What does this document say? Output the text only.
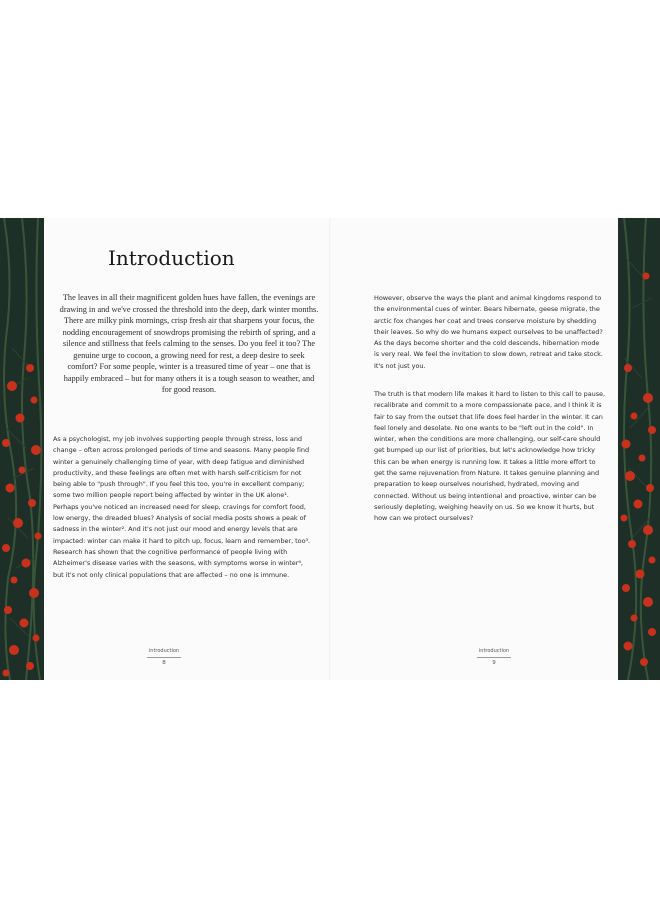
Introduction

The leaves in all their magnificent golden hues have fallen, the evenings are drawing in and we've crossed the threshold into the deep, dark winter months. There are milky pink mornings, crisp fresh air that sharpens your focus, the nodding encouragement of snowdrops promising the rebirth of spring, and a silence and stillness that feels calming to the senses. Do you feel it too? The genuine urge to cocoon, a growing need for rest, a deep desire to seek comfort? For some people, winter is a treasured time of year – one that is happily embraced – but for many others it is a tough season to weather, and for good reason.

As a psychologist, my job involves supporting people through stress, loss and change – often across prolonged periods of time and seasons. Many people find winter a genuinely challenging time of year, with deep fatigue and diminished productivity, and these feelings are often met with harsh self-criticism for not being able to "push through". If you feel this too, you're in excellent company; some two million people report being affected by winter in the UK alone¹. Perhaps you've noticed an increased need for sleep, cravings for comfort food, low energy, the dreaded blues? Analysis of social media posts shows a peak of sadness in the winter². And it's not just our mood and energy levels that are impacted: winter can make it hard to pitch up, focus, learn and remember, too³. Research has shown that the cognitive performance of people living with Alzheimer's disease varies with the seasons, with symptoms worse in winter⁴, but it's not only clinical populations that are affected – no one is immune.

introduction
8

However, observe the ways the plant and animal kingdoms respond to the environmental cues of winter. Bears hibernate, geese migrate, the arctic fox changes her coat and trees conserve moisture by shedding their leaves. So why do we humans expect ourselves to be unaffected? As the days become shorter and the cold descends, hibernation mode is very real. We feel the invitation to slow down, retreat and take stock. It's not just you.

The truth is that modern life makes it hard to listen to this call to pause, recalibrate and commit to a more compassionate pace, and I think it is fair to say from the outset that life does feel harder in the winter. It can feel lonely and desolate. No one wants to be "left out in the cold". In winter, when the conditions are more challenging, our self-care should get bumped up our list of priorities, but let's acknowledge how tricky this can be when energy is running low. It takes a little more effort to get the same rejuvenation from Nature. It takes genuine planning and preparation to keep ourselves nourished, hydrated, moving and connected. Without us being intentional and proactive, winter can be seriously depleting, weighing heavily on us. So we know it hurts, but how can we protect ourselves?

introduction
9
